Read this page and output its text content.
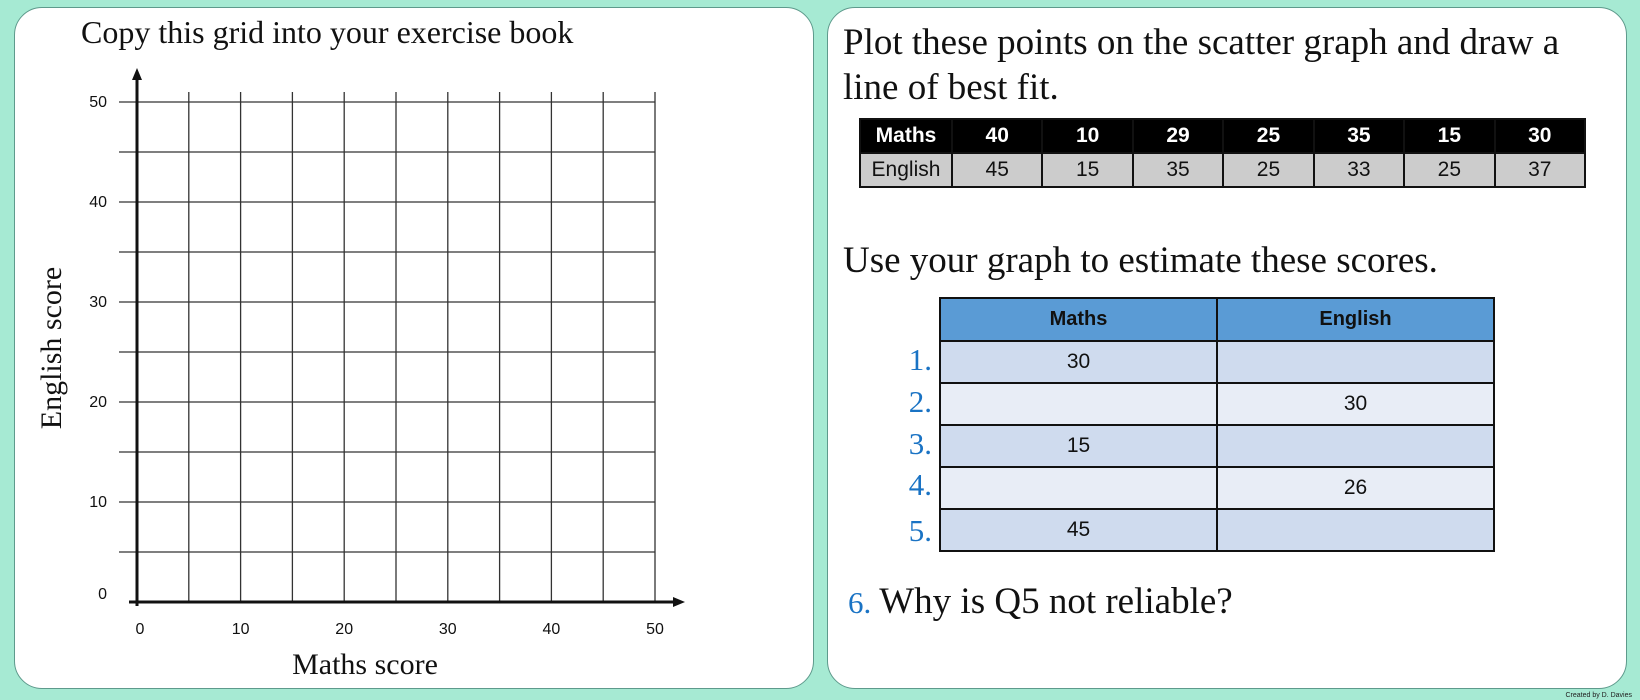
Copy this grid into your exercise book
0	10	20	30	40	50
0
10
20
30
40
50
Maths score
English score
Plot these points on the scatter graph and draw a line of best fit.
Maths	40	10	29	25	35	15	30
English	45	15	35	25	33	25	37
Use your graph to estimate these scores.
1.
2.
3.
4.
5.
Maths	English
30	
	30
15	
	26
45	
6. Why is Q5 not reliable?
Created by D. Davies
